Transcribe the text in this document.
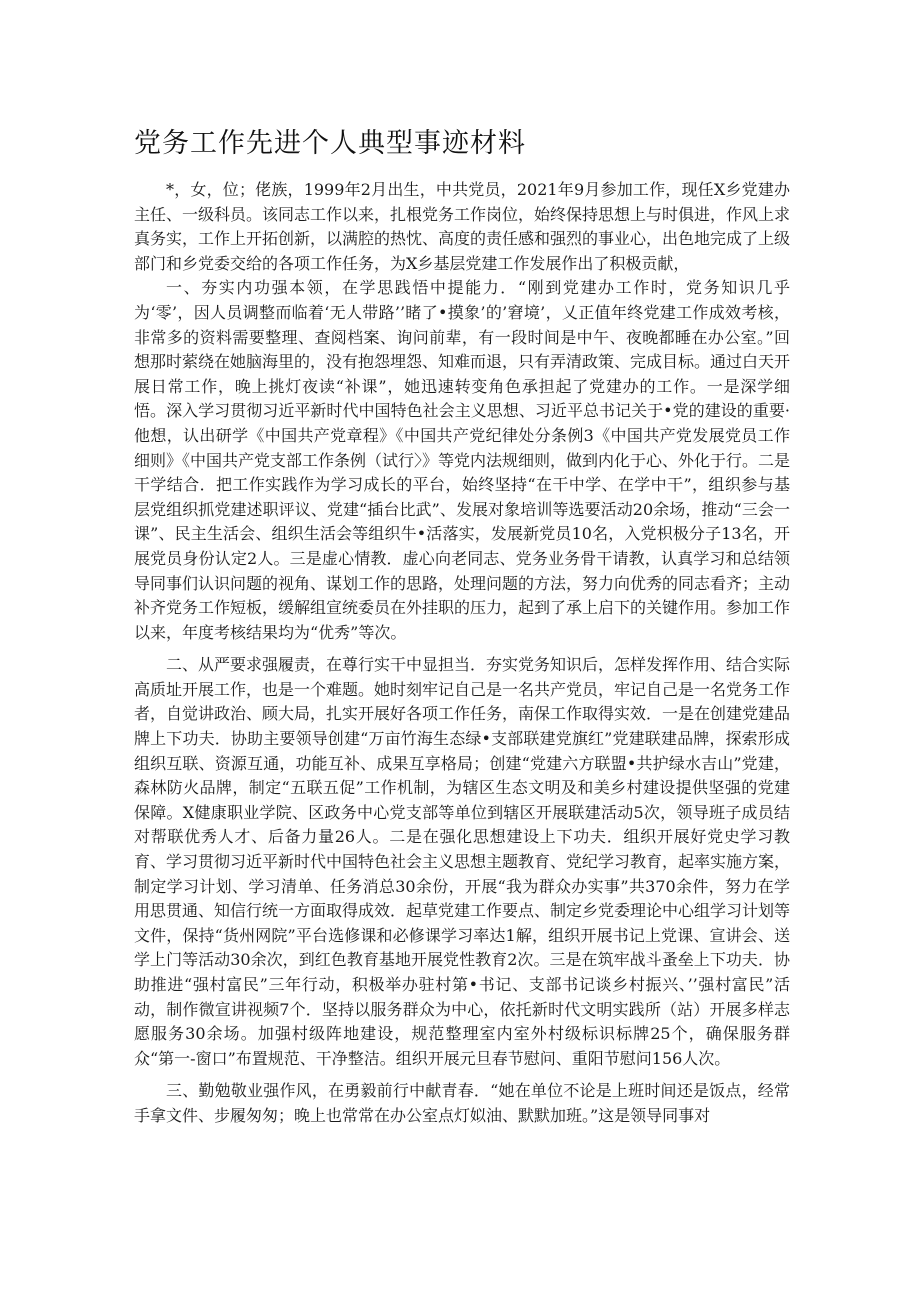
党务工作先进个人典型事迹材料

*，女，位；佬族，1999年2月出生，中共党员，2021年9月参加工作，现任X乡党建办主任、一级科员。该同志工作以来，扎根党务工作岗位，始终保持思想上与时俱进，作风上求真务实，工作上开拓创新，以满腔的热忱、高度的责任感和强烈的事业心，出色地完成了上级部门和乡党委交给的各项工作任务，为X乡基层党建工作发展作出了积极贡献，

一、夯实内功强本领，在学思践悟中提能力．“刚到党建办工作时，党务知识几乎为‘零’，因人员调整而临着‘无人带路’’睹了•摸象’的’窘境’，乂正值年终党建工作成效考核，非常多的资料需要整理、查阅档案、询问前辈，有一段时间是中午、夜晚都睡在办公室。”回想那时萦绕在她脑海里的，没有抱怨埋怨、知难而退，只有弄清政策、完成目标。通过白天开展日常工作，晚上挑灯夜读“补课”，她迅速转变角色承担起了党建办的工作。一是深学细悟。深入学习贯彻习近平新时代中国特色社会主义思想、习近平总书记关于•党的建设的重要·他想，认出研学《中国共产党章程》《中国共产党纪律处分条例3《中国共产党发展党员工作细则》《中国共产党支部工作条例（试行〉》等党内法规细则，做到内化于心、外化于行。二是干学结合．把工作实践作为学习成长的平台，始终坚持“在干中学、在学中干”，组织参与基层党组织抓党建述职评议、党建“插台比武”、发展对象培训等选要活动20余场，推动“三会一课”、民主生活会、组织生活会等组织牛•活落实，发展新党员10名，入党枳极分子13名，开展党员身份认定2人。三是虚心情教．虚心向老同志、党务业务骨干请教，认真学习和总结领导同事们认识问题的视角、谋划工作的思路，处理问题的方法，努力向优秀的同志看齐；主动补齐党务工作短板，缓解组宣统委员在外挂职的压力，起到了承上启下的关键作用。参加工作以来，年度考核结果均为“优秀”等次。

二、从严要求强履责，在尊行实干中显担当．夯实党务知识后，怎样发挥作用、结合实际高质址开展工作，也是一个难题。她时刻牢记自己是一名共产党员，牢记自己是一名党务工作者，自觉讲政治、顾大局，扎实开展好各项工作任务，南保工作取得实效．一是在创建党建品牌上下功夫．协助主要领导创建“万亩竹海生态绿•支部联建党旗红”党建联建品牌，探索形成组织互联、资源互通，功能互补、成果互享格局；创建“党建六方联盟•共护绿水吉山”党建，森林防火品牌，制定“五联五促”工作机制，为辖区生态文明及和美乡村建设提供坚强的党建保障。X健康职业学院、区政务中心党支部等单位到辖区开展联建活动5次，领导班子成员结对帮联优秀人才、后备力量26人。二是在强化思想建设上下功夫．组织开展好党史学习教育、学习贯彻习近平新时代中国特色社会主义思想主题教育、党纪学习教育，起率实施方案，制定学习计划、学习清单、任务消总30余份，开展“我为群众办实事”共370余件，努力在学用思贯通、知信行统一方面取得成效．起草党建工作要点、制定乡党委理论中心组学习计划等文件，保持“货州网院”平台选修课和必修课学习率达1解，组织开展书记上党课、宣讲会、送学上门等活动30余次，到红色教育基地开展党性教育2次。三是在筑牢战斗蚤垒上下功夫．协助推进“强村富民”三年行动，积极举办驻村第•书记、支部书记谈乡村振兴、’’强村富民”活动，制作微宣讲视频7个．坚持以服务群众为中心，依托新时代文明实践所（站）开展多样志愿服务30余场。加强村级阵地建设，规范整理室内室外村级标识标牌25个，确保服务群众“第一-窗口”布置规范、干净整洁。组织开展元旦春节慰问、重阳节慰问156人次。

三、勤勉敬业强作风，在勇毅前行中献青春．“她在单位不论是上班时间还是饭点，经常手拿文件、步履匆匆；晚上也常常在办公室点灯姒油、默默加班。”这是领导同事对
